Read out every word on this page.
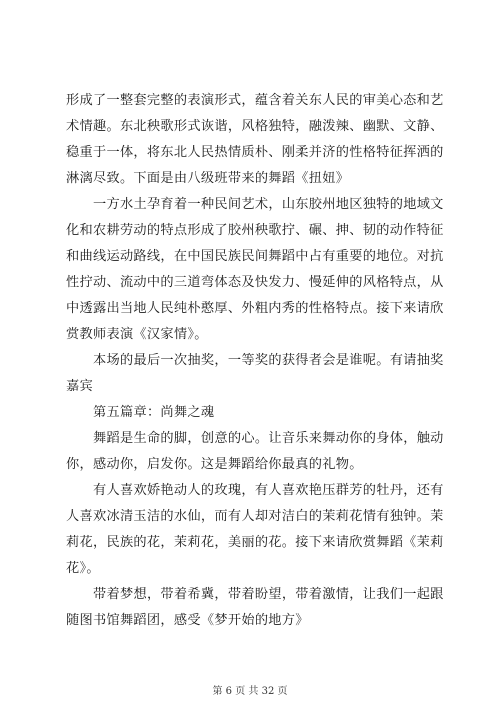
形成了一整套完整的表演形式，蕴含着关东人民的审美心态和艺
术情趣。东北秧歌形式诙谐，风格独特，融泼辣、幽默、文静、
稳重于一体，将东北人民热情质朴、刚柔并济的性格特征挥洒的
淋漓尽致。下面是由八级班带来的舞蹈《扭妞》
一方水土孕育着一种民间艺术，山东胶州地区独特的地域文
化和农耕劳动的特点形成了胶州秧歌拧、碾、抻、韧的动作特征
和曲线运动路线，在中国民族民间舞蹈中占有重要的地位。对抗
性拧动、流动中的三道弯体态及快发力、慢延伸的风格特点，从
中透露出当地人民纯朴憨厚、外粗内秀的性格特点。接下来请欣
赏教师表演《汉家情》。
本场的最后一次抽奖，一等奖的获得者会是谁呢。有请抽奖
嘉宾
第五篇章：尚舞之魂
舞蹈是生命的脚，创意的心。让音乐来舞动你的身体，触动
你，感动你，启发你。这是舞蹈给你最真的礼物。
有人喜欢娇艳动人的玫瑰，有人喜欢艳压群芳的牡丹，还有
人喜欢冰清玉洁的水仙，而有人却对洁白的茉莉花情有独钟。茉
莉花，民族的花，茉莉花，美丽的花。接下来请欣赏舞蹈《茉莉
花》。
带着梦想，带着希冀，带着盼望，带着激情，让我们一起跟
随图书馆舞蹈团，感受《梦开始的地方》
第 6 页 共 32 页
